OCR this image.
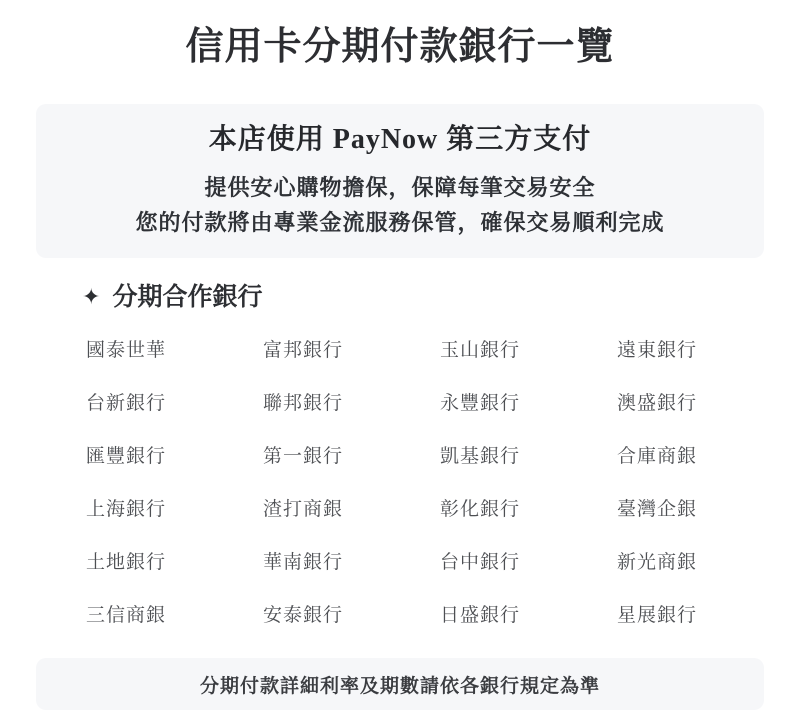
信用卡分期付款銀行一覽
本店使用 PayNow 第三方支付
提供安心購物擔保，保障每筆交易安全
您的付款將由專業金流服務保管，確保交易順利完成
✦ 分期合作銀行
國泰世華	富邦銀行	玉山銀行	遠東銀行
台新銀行	聯邦銀行	永豐銀行	澳盛銀行
匯豐銀行	第一銀行	凱基銀行	合庫商銀
上海銀行	渣打商銀	彰化銀行	臺灣企銀
土地銀行	華南銀行	台中銀行	新光商銀
三信商銀	安泰銀行	日盛銀行	星展銀行
分期付款詳細利率及期數請依各銀行規定為準
